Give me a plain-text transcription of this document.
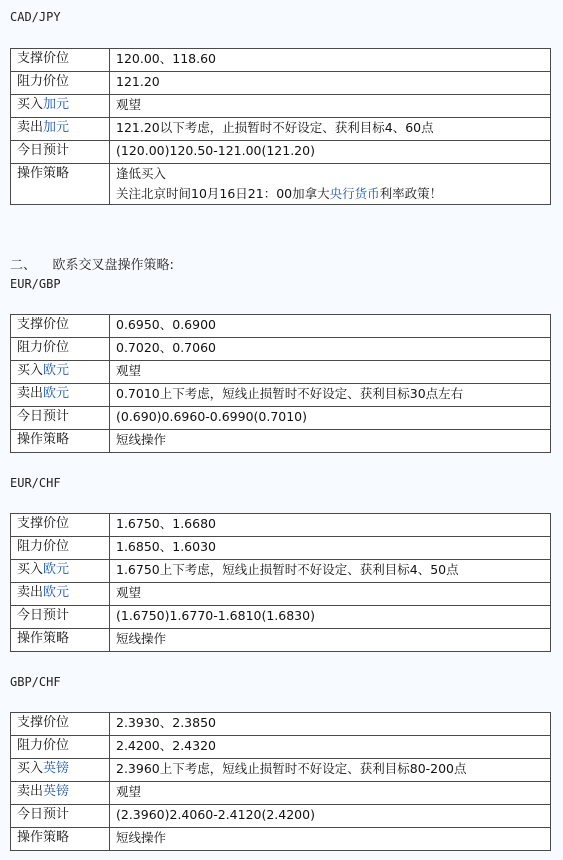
CAD/JPY
支撑价位	120.00、118.60
阻力价位	121.20
买入加元	观望
卖出加元	121.20以下考虑，止损暂时不好设定、获利目标4、60点
今日预计	(120.00)120.50-121.00(121.20)
操作策略	逢低买入
关注北京时间10月16日21：00加拿大央行货币利率政策！
二、    欧系交叉盘操作策略:
EUR/GBP
支撑价位	0.6950、0.6900
阻力价位	0.7020、0.7060
买入欧元	观望
卖出欧元	0.7010上下考虑，短线止损暂时不好设定、获利目标30点左右
今日预计	(0.690)0.6960-0.6990(0.7010)
操作策略	短线操作
EUR/CHF
支撑价位	1.6750、1.6680
阻力价位	1.6850、1.6030
买入欧元	1.6750上下考虑，短线止损暂时不好设定、获利目标4、50点
卖出欧元	观望
今日预计	(1.6750)1.6770-1.6810(1.6830)
操作策略	短线操作
GBP/CHF
支撑价位	2.3930、2.3850
阻力价位	2.4200、2.4320
买入英镑	2.3960上下考虑，短线止损暂时不好设定、获利目标80-200点
卖出英镑	观望
今日预计	(2.3960)2.4060-2.4120(2.4200)
操作策略	短线操作
